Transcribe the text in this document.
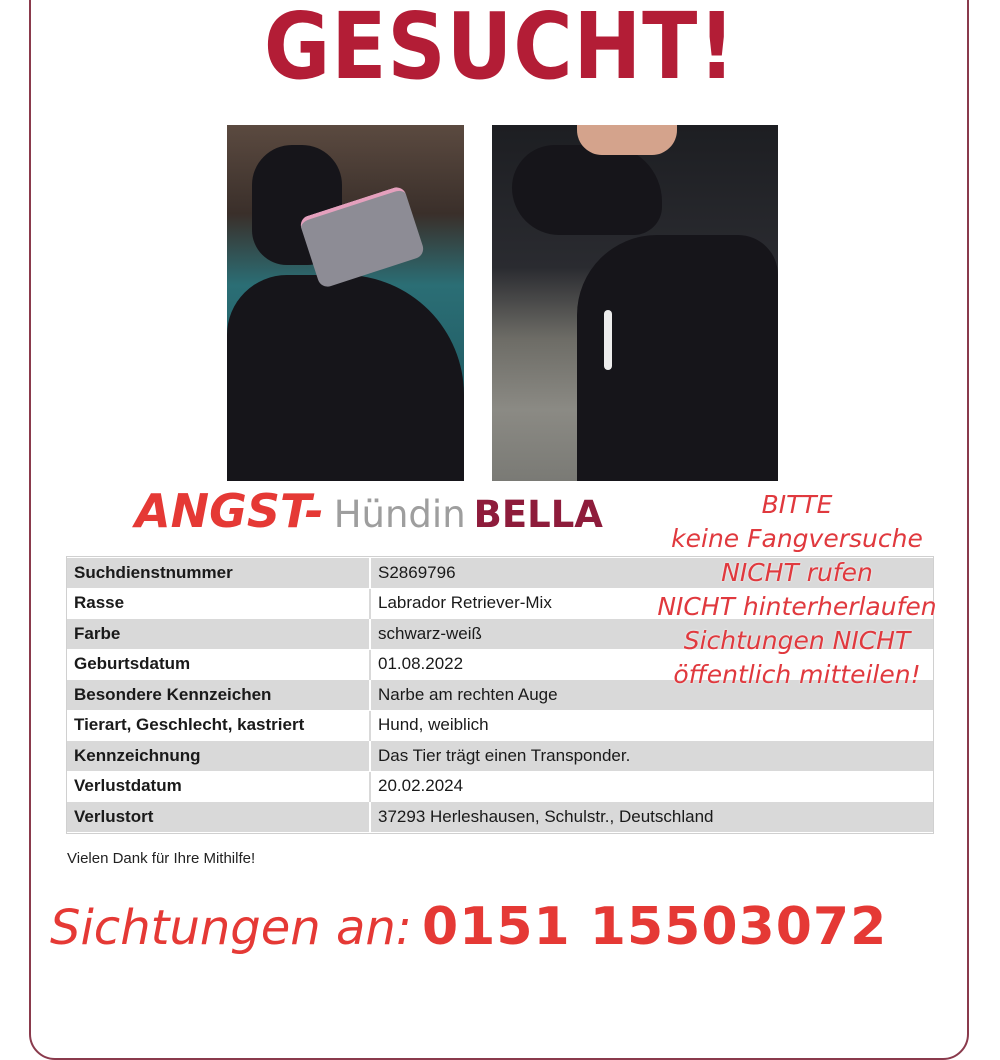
GESUCHT!
ANGST- Hündin BELLA
Suchdienstnummer	S2869796
Rasse	Labrador Retriever-Mix
Farbe	schwarz-weiß
Geburtsdatum	01.08.2022
Besondere Kennzeichen	Narbe am rechten Auge
Tierart, Geschlecht, kastriert	Hund, weiblich
Kennzeichnung	Das Tier trägt einen Transponder.
Verlustdatum	20.02.2024
Verlustort	37293 Herleshausen, Schulstr., Deutschland
BITTE
keine Fangversuche
NICHT rufen
NICHT hinterherlaufen
Sichtungen NICHT
öffentlich mitteilen!
Vielen Dank für Ihre Mithilfe!
Sichtungen an: 0151 15503072
